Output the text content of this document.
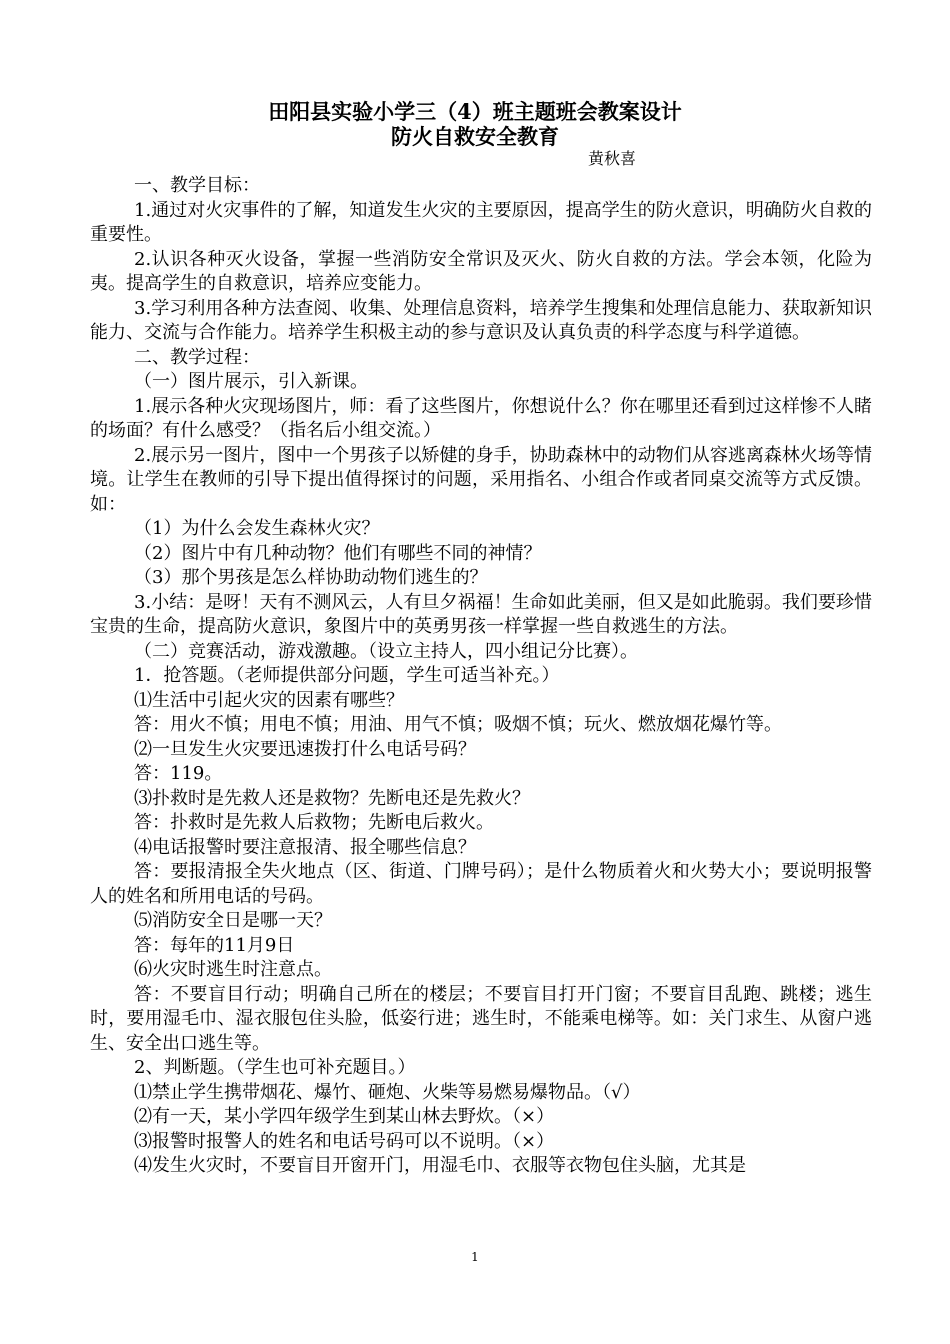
田阳县实验小学三（4）班主题班会教案设计
防火自救安全教育
黄秋喜

一、教学目标：

1.通过对火灾事件的了解，知道发生火灾的主要原因，提高学生的防火意识，明确防火自救的重要性。

2.认识各种灭火设备，掌握一些消防安全常识及灭火、防火自救的方法。学会本领，化险为夷。提高学生的自救意识，培养应变能力。

3.学习利用各种方法查阅、收集、处理信息资料，培养学生搜集和处理信息能力、获取新知识能力、交流与合作能力。培养学生积极主动的参与意识及认真负责的科学态度与科学道德。

二、教学过程：

（一）图片展示，引入新课。

1.展示各种火灾现场图片，师：看了这些图片，你想说什么？你在哪里还看到过这样惨不人睹的场面？有什么感受？（指名后小组交流。）

2.展示另一图片，图中一个男孩子以矫健的身手，协助森林中的动物们从容逃离森林火场等情境。让学生在教师的引导下提出值得探讨的问题，采用指名、小组合作或者同桌交流等方式反馈。如：

（1）为什么会发生森林火灾？

（2）图片中有几种动物？他们有哪些不同的神情？

（3）那个男孩是怎么样协助动物们逃生的？

3.小结：是呀！天有不测风云，人有旦夕祸福！生命如此美丽，但又是如此脆弱。我们要珍惜宝贵的生命，提高防火意识，象图片中的英勇男孩一样掌握一些自救逃生的方法。

（二）竞赛活动，游戏激趣。（设立主持人，四小组记分比赛）。

1．抢答题。（老师提供部分问题，学生可适当补充。）

⑴生活中引起火灾的因素有哪些？

答：用火不慎；用电不慎；用油、用气不慎；吸烟不慎；玩火、燃放烟花爆竹等。

⑵一旦发生火灾要迅速拨打什么电话号码？

答：119。

⑶扑救时是先救人还是救物？先断电还是先救火？

答：扑救时是先救人后救物；先断电后救火。

⑷电话报警时要注意报清、报全哪些信息？

答：要报清报全失火地点（区、街道、门牌号码）；是什么物质着火和火势大小；要说明报警人的姓名和所用电话的号码。

⑸消防安全日是哪一天？

答：每年的11月9日

⑹火灾时逃生时注意点。

答：不要盲目行动；明确自己所在的楼层；不要盲目打开门窗；不要盲目乱跑、跳楼；逃生时，要用湿毛巾、湿衣服包住头脸，低姿行进；逃生时，不能乘电梯等。如：关门求生、从窗户逃生、安全出口逃生等。

2、判断题。（学生也可补充题目。）

⑴禁止学生携带烟花、爆竹、砸炮、火柴等易燃易爆物品。（√）

⑵有一天，某小学四年级学生到某山林去野炊。（×）

⑶报警时报警人的姓名和电话号码可以不说明。（×）

⑷发生火灾时，不要盲目开窗开门，用湿毛巾、衣服等衣物包住头脑，尤其是

1
